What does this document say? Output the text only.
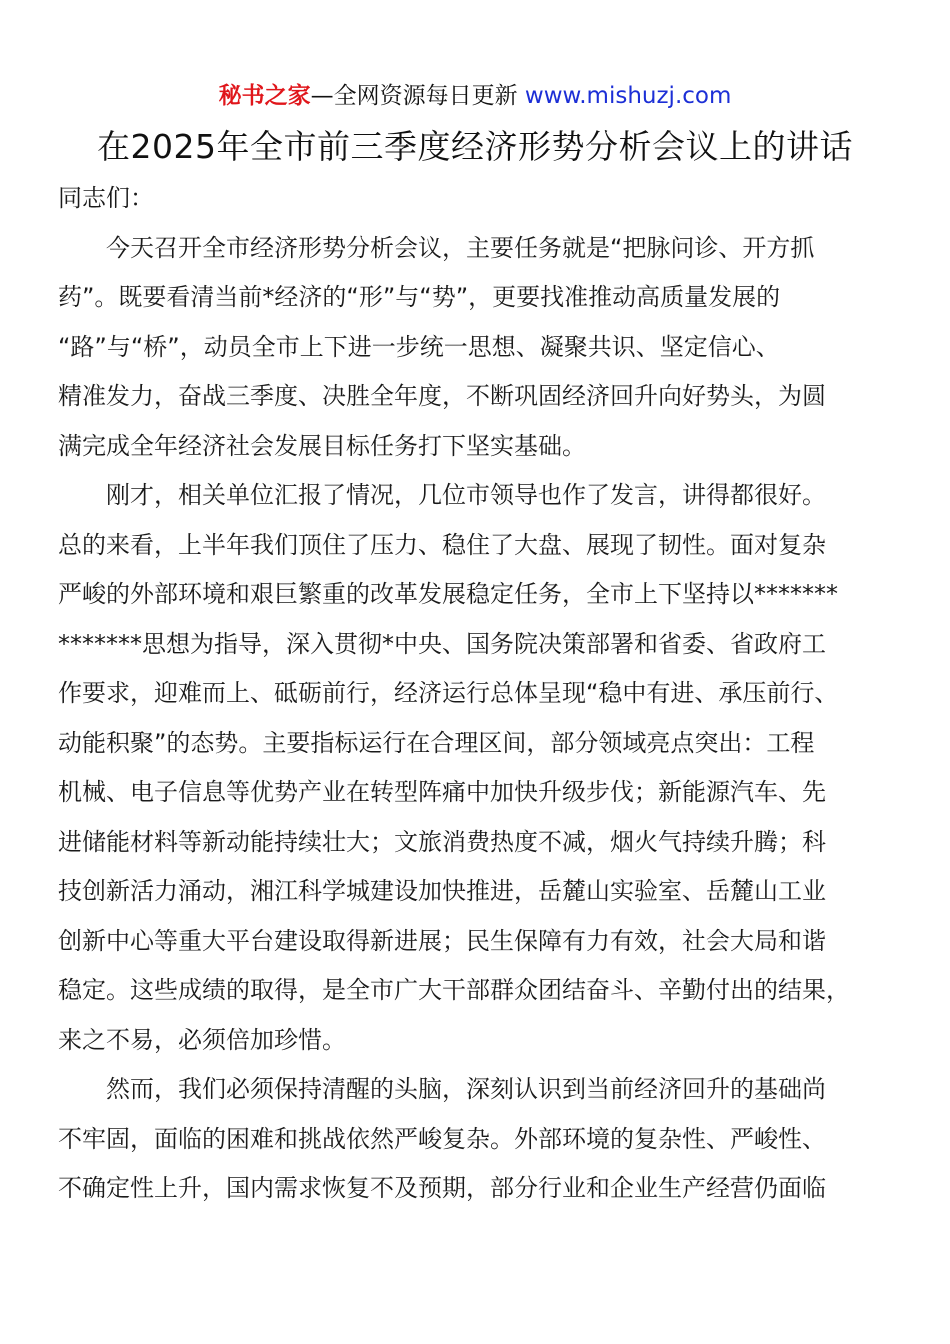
秘书之家—全网资源每日更新 www.mishuzj.com
在2025年全市前三季度经济形势分析会议上的讲话
同志们：
今天召开全市经济形势分析会议，主要任务就是“把脉问诊、开方抓
药”。既要看清当前*经济的“形”与“势”，更要找准推动高质量发展的
“路”与“桥”，动员全市上下进一步统一思想、凝聚共识、坚定信心、
精准发力，奋战三季度、决胜全年度，不断巩固经济回升向好势头，为圆
满完成全年经济社会发展目标任务打下坚实基础。
刚才，相关单位汇报了情况，几位市领导也作了发言，讲得都很好。
总的来看，上半年我们顶住了压力、稳住了大盘、展现了韧性。面对复杂
严峻的外部环境和艰巨繁重的改革发展稳定任务，全市上下坚持以*******
*******思想为指导，深入贯彻*中央、国务院决策部署和省委、省政府工
作要求，迎难而上、砥砺前行，经济运行总体呈现“稳中有进、承压前行、
动能积聚”的态势。主要指标运行在合理区间，部分领域亮点突出：工程
机械、电子信息等优势产业在转型阵痛中加快升级步伐；新能源汽车、先
进储能材料等新动能持续壮大；文旅消费热度不减，烟火气持续升腾；科
技创新活力涌动，湘江科学城建设加快推进，岳麓山实验室、岳麓山工业
创新中心等重大平台建设取得新进展；民生保障有力有效，社会大局和谐
稳定。这些成绩的取得，是全市广大干部群众团结奋斗、辛勤付出的结果，
来之不易，必须倍加珍惜。
然而，我们必须保持清醒的头脑，深刻认识到当前经济回升的基础尚
不牢固，面临的困难和挑战依然严峻复杂。外部环境的复杂性、严峻性、
不确定性上升，国内需求恢复不及预期，部分行业和企业生产经营仍面临
